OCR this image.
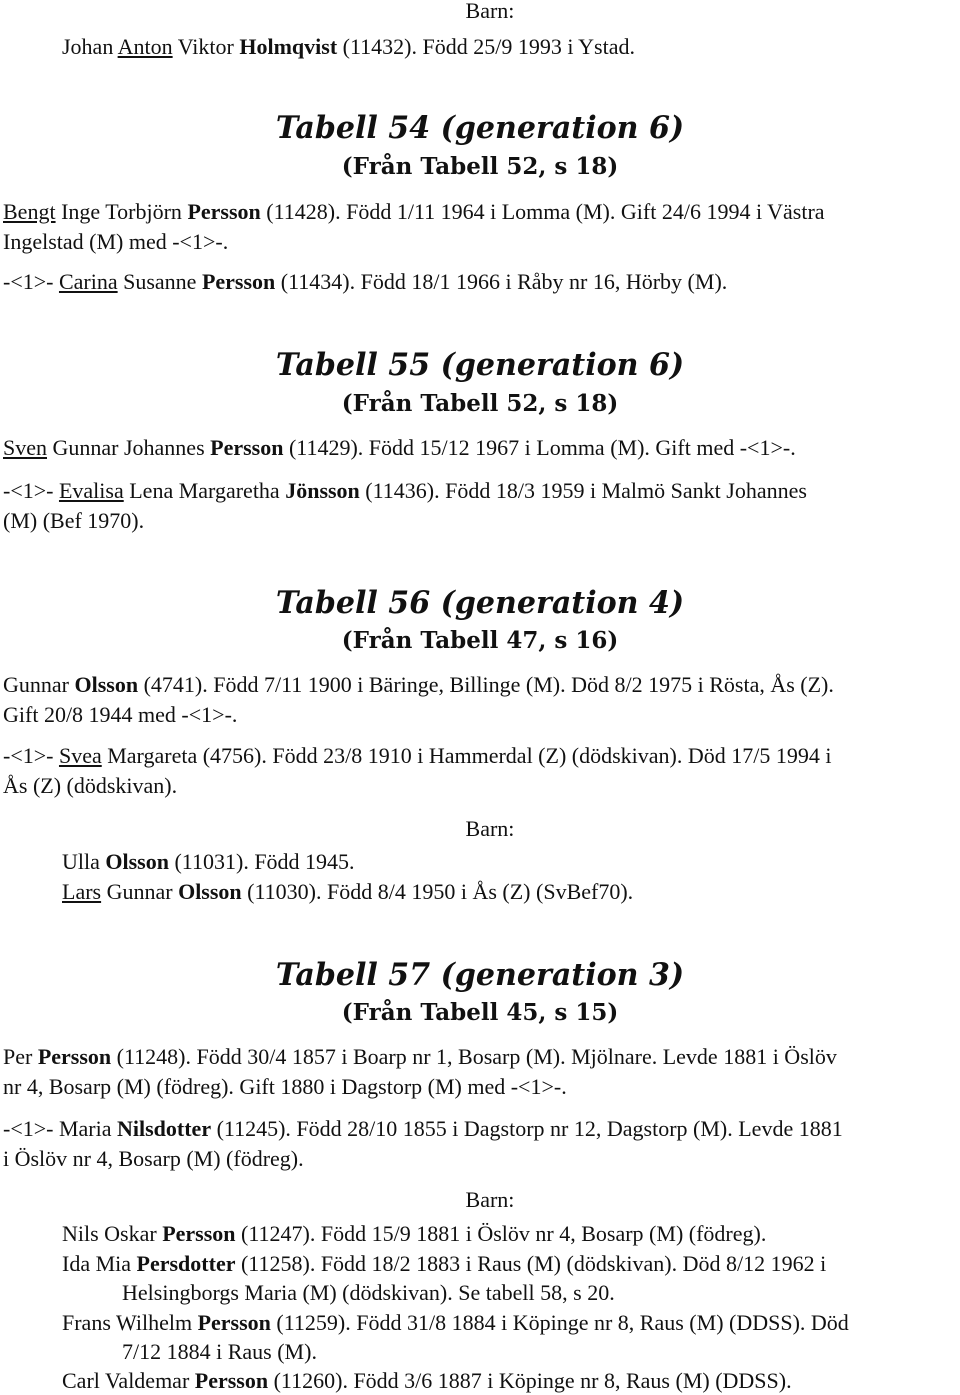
Barn:
Johan Anton Viktor Holmqvist (11432). Född 25/9 1993 i Ystad.
Tabell 54 (generation 6)
(Från Tabell 52, s 18)
Bengt Inge Torbjörn Persson (11428). Född 1/11 1964 i Lomma (M). Gift 24/6 1994 i Västra
Ingelstad (M) med -<1>-.
-<1>- Carina Susanne Persson (11434). Född 18/1 1966 i Råby nr 16, Hörby (M).
Tabell 55 (generation 6)
(Från Tabell 52, s 18)
Sven Gunnar Johannes Persson (11429). Född 15/12 1967 i Lomma (M). Gift med -<1>-.
-<1>- Evalisa Lena Margaretha Jönsson (11436). Född 18/3 1959 i Malmö Sankt Johannes
(M) (Bef 1970).
Tabell 56 (generation 4)
(Från Tabell 47, s 16)
Gunnar Olsson (4741). Född 7/11 1900 i Bäringe, Billinge (M). Död 8/2 1975 i Rösta, Ås (Z).
Gift 20/8 1944 med -<1>-.
-<1>- Svea Margareta (4756). Född 23/8 1910 i Hammerdal (Z) (dödskivan). Död 17/5 1994 i
Ås (Z) (dödskivan).
Barn:
Ulla Olsson (11031). Född 1945.
Lars Gunnar Olsson (11030). Född 8/4 1950 i Ås (Z) (SvBef70).
Tabell 57 (generation 3)
(Från Tabell 45, s 15)
Per Persson (11248). Född 30/4 1857 i Boarp nr 1, Bosarp (M). Mjölnare. Levde 1881 i Öslöv
nr 4, Bosarp (M) (födreg). Gift 1880 i Dagstorp (M) med -<1>-.
-<1>- Maria Nilsdotter (11245). Född 28/10 1855 i Dagstorp nr 12, Dagstorp (M). Levde 1881
i Öslöv nr 4, Bosarp (M) (födreg).
Barn:
Nils Oskar Persson (11247). Född 15/9 1881 i Öslöv nr 4, Bosarp (M) (födreg).
Ida Mia Persdotter (11258). Född 18/2 1883 i Raus (M) (dödskivan). Död 8/12 1962 i
Helsingborgs Maria (M) (dödskivan). Se tabell 58, s 20.
Frans Wilhelm Persson (11259). Född 31/8 1884 i Köpinge nr 8, Raus (M) (DDSS). Död
7/12 1884 i Raus (M).
Carl Valdemar Persson (11260). Född 3/6 1887 i Köpinge nr 8, Raus (M) (DDSS).
